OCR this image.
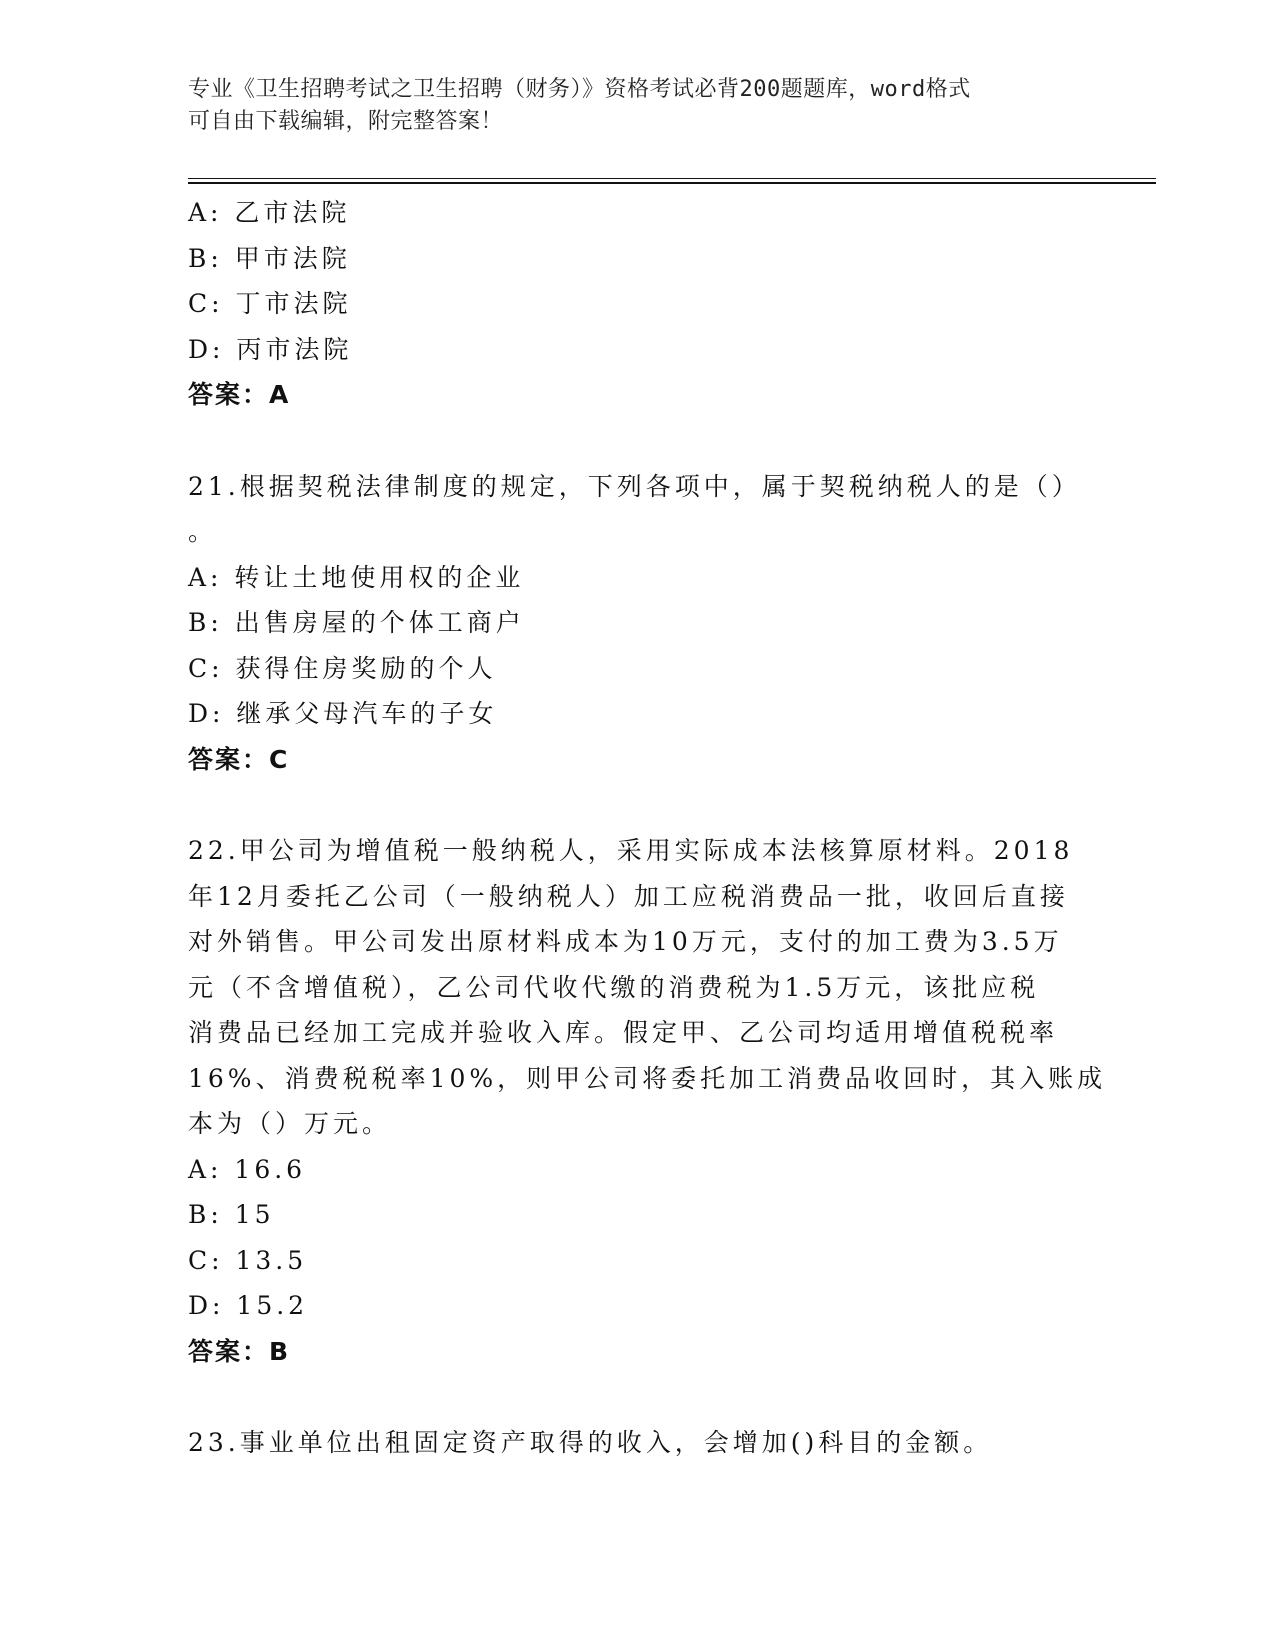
专业《卫生招聘考试之卫生招聘（财务）》资格考试必背200题题库，word格式
可自由下载编辑，附完整答案！
A: 乙市法院
B: 甲市法院
C: 丁市法院
D: 丙市法院
答案：A
21.根据契税法律制度的规定，下列各项中，属于契税纳税人的是（）
。
A: 转让土地使用权的企业
B: 出售房屋的个体工商户
C: 获得住房奖励的个人
D: 继承父母汽车的子女
答案：C
22.甲公司为增值税一般纳税人，采用实际成本法核算原材料。2018
年12月委托乙公司（一般纳税人）加工应税消费品一批，收回后直接
对外销售。甲公司发出原材料成本为10万元，支付的加工费为3.5万
元（不含增值税），乙公司代收代缴的消费税为1.5万元，该批应税
消费品已经加工完成并验收入库。假定甲、乙公司均适用增值税税率
16%、消费税税率10%，则甲公司将委托加工消费品收回时，其入账成
本为（）万元。
A: 16.6
B: 15
C: 13.5
D: 15.2
答案：B
23.事业单位出租固定资产取得的收入，会增加()科目的金额。
